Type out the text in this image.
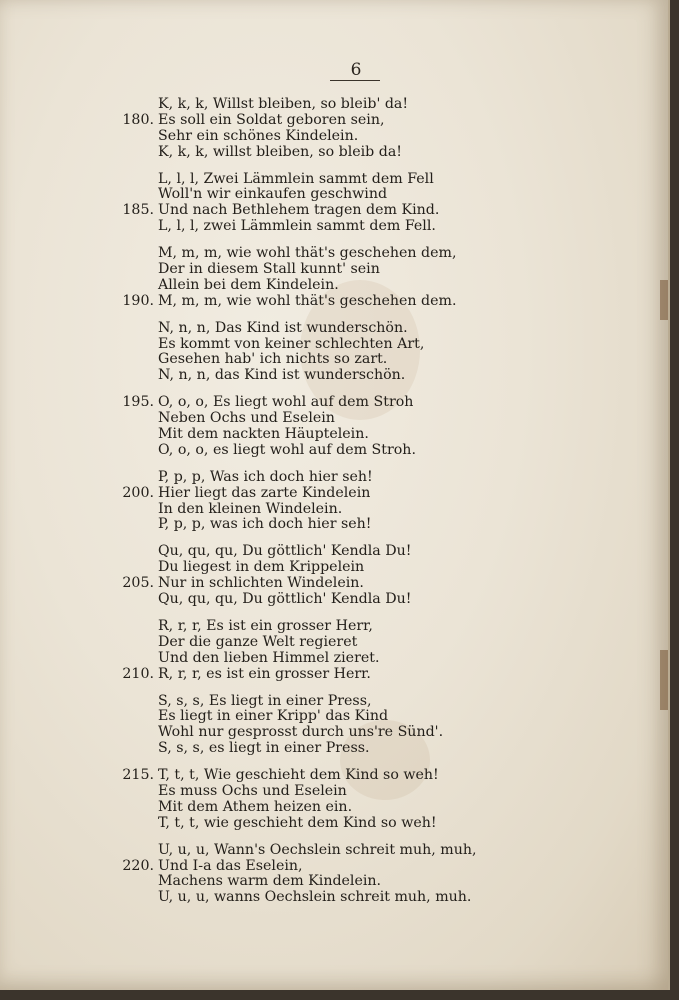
6
K, k, k, Willst bleiben, so bleib' da!
180. Es soll ein Soldat geboren sein,
Sehr ein schönes Kindelein.
K, k, k, willst bleiben, so bleib da!
L, l, l, Zwei Lämmlein sammt dem Fell
Woll'n wir einkaufen geschwind
185. Und nach Bethlehem tragen dem Kind.
L, l, l, zwei Lämmlein sammt dem Fell.
M, m, m, wie wohl thät's geschehen dem,
Der in diesem Stall kunnt' sein
Allein bei dem Kindelein.
190. M, m, m, wie wohl thät's geschehen dem.
N, n, n, Das Kind ist wunderschön.
Es kommt von keiner schlechten Art,
Gesehen hab' ich nichts so zart.
N, n, n, das Kind ist wunderschön.
195. O, o, o, Es liegt wohl auf dem Stroh
Neben Ochs und Eselein
Mit dem nackten Häuptelein.
O, o, o, es liegt wohl auf dem Stroh.
P, p, p, Was ich doch hier seh!
200. Hier liegt das zarte Kindelein
In den kleinen Windelein.
P, p, p, was ich doch hier seh!
Qu, qu, qu, Du göttlich' Kendla Du!
Du liegest in dem Krippelein
205. Nur in schlichten Windelein.
Qu, qu, qu, Du göttlich' Kendla Du!
R, r, r, Es ist ein grosser Herr,
Der die ganze Welt regieret
Und den lieben Himmel zieret.
210. R, r, r, es ist ein grosser Herr.
S, s, s, Es liegt in einer Press,
Es liegt in einer Kripp' das Kind
Wohl nur gesprosst durch uns're Sünd'.
S, s, s, es liegt in einer Press.
215. T, t, t, Wie geschieht dem Kind so weh!
Es muss Ochs und Eselein
Mit dem Athem heizen ein.
T, t, t, wie geschieht dem Kind so weh!
U, u, u, Wann's Oechslein schreit muh, muh,
220. Und I-a das Eselein,
Machens warm dem Kindelein.
U, u, u, wanns Oechslein schreit muh, muh.
